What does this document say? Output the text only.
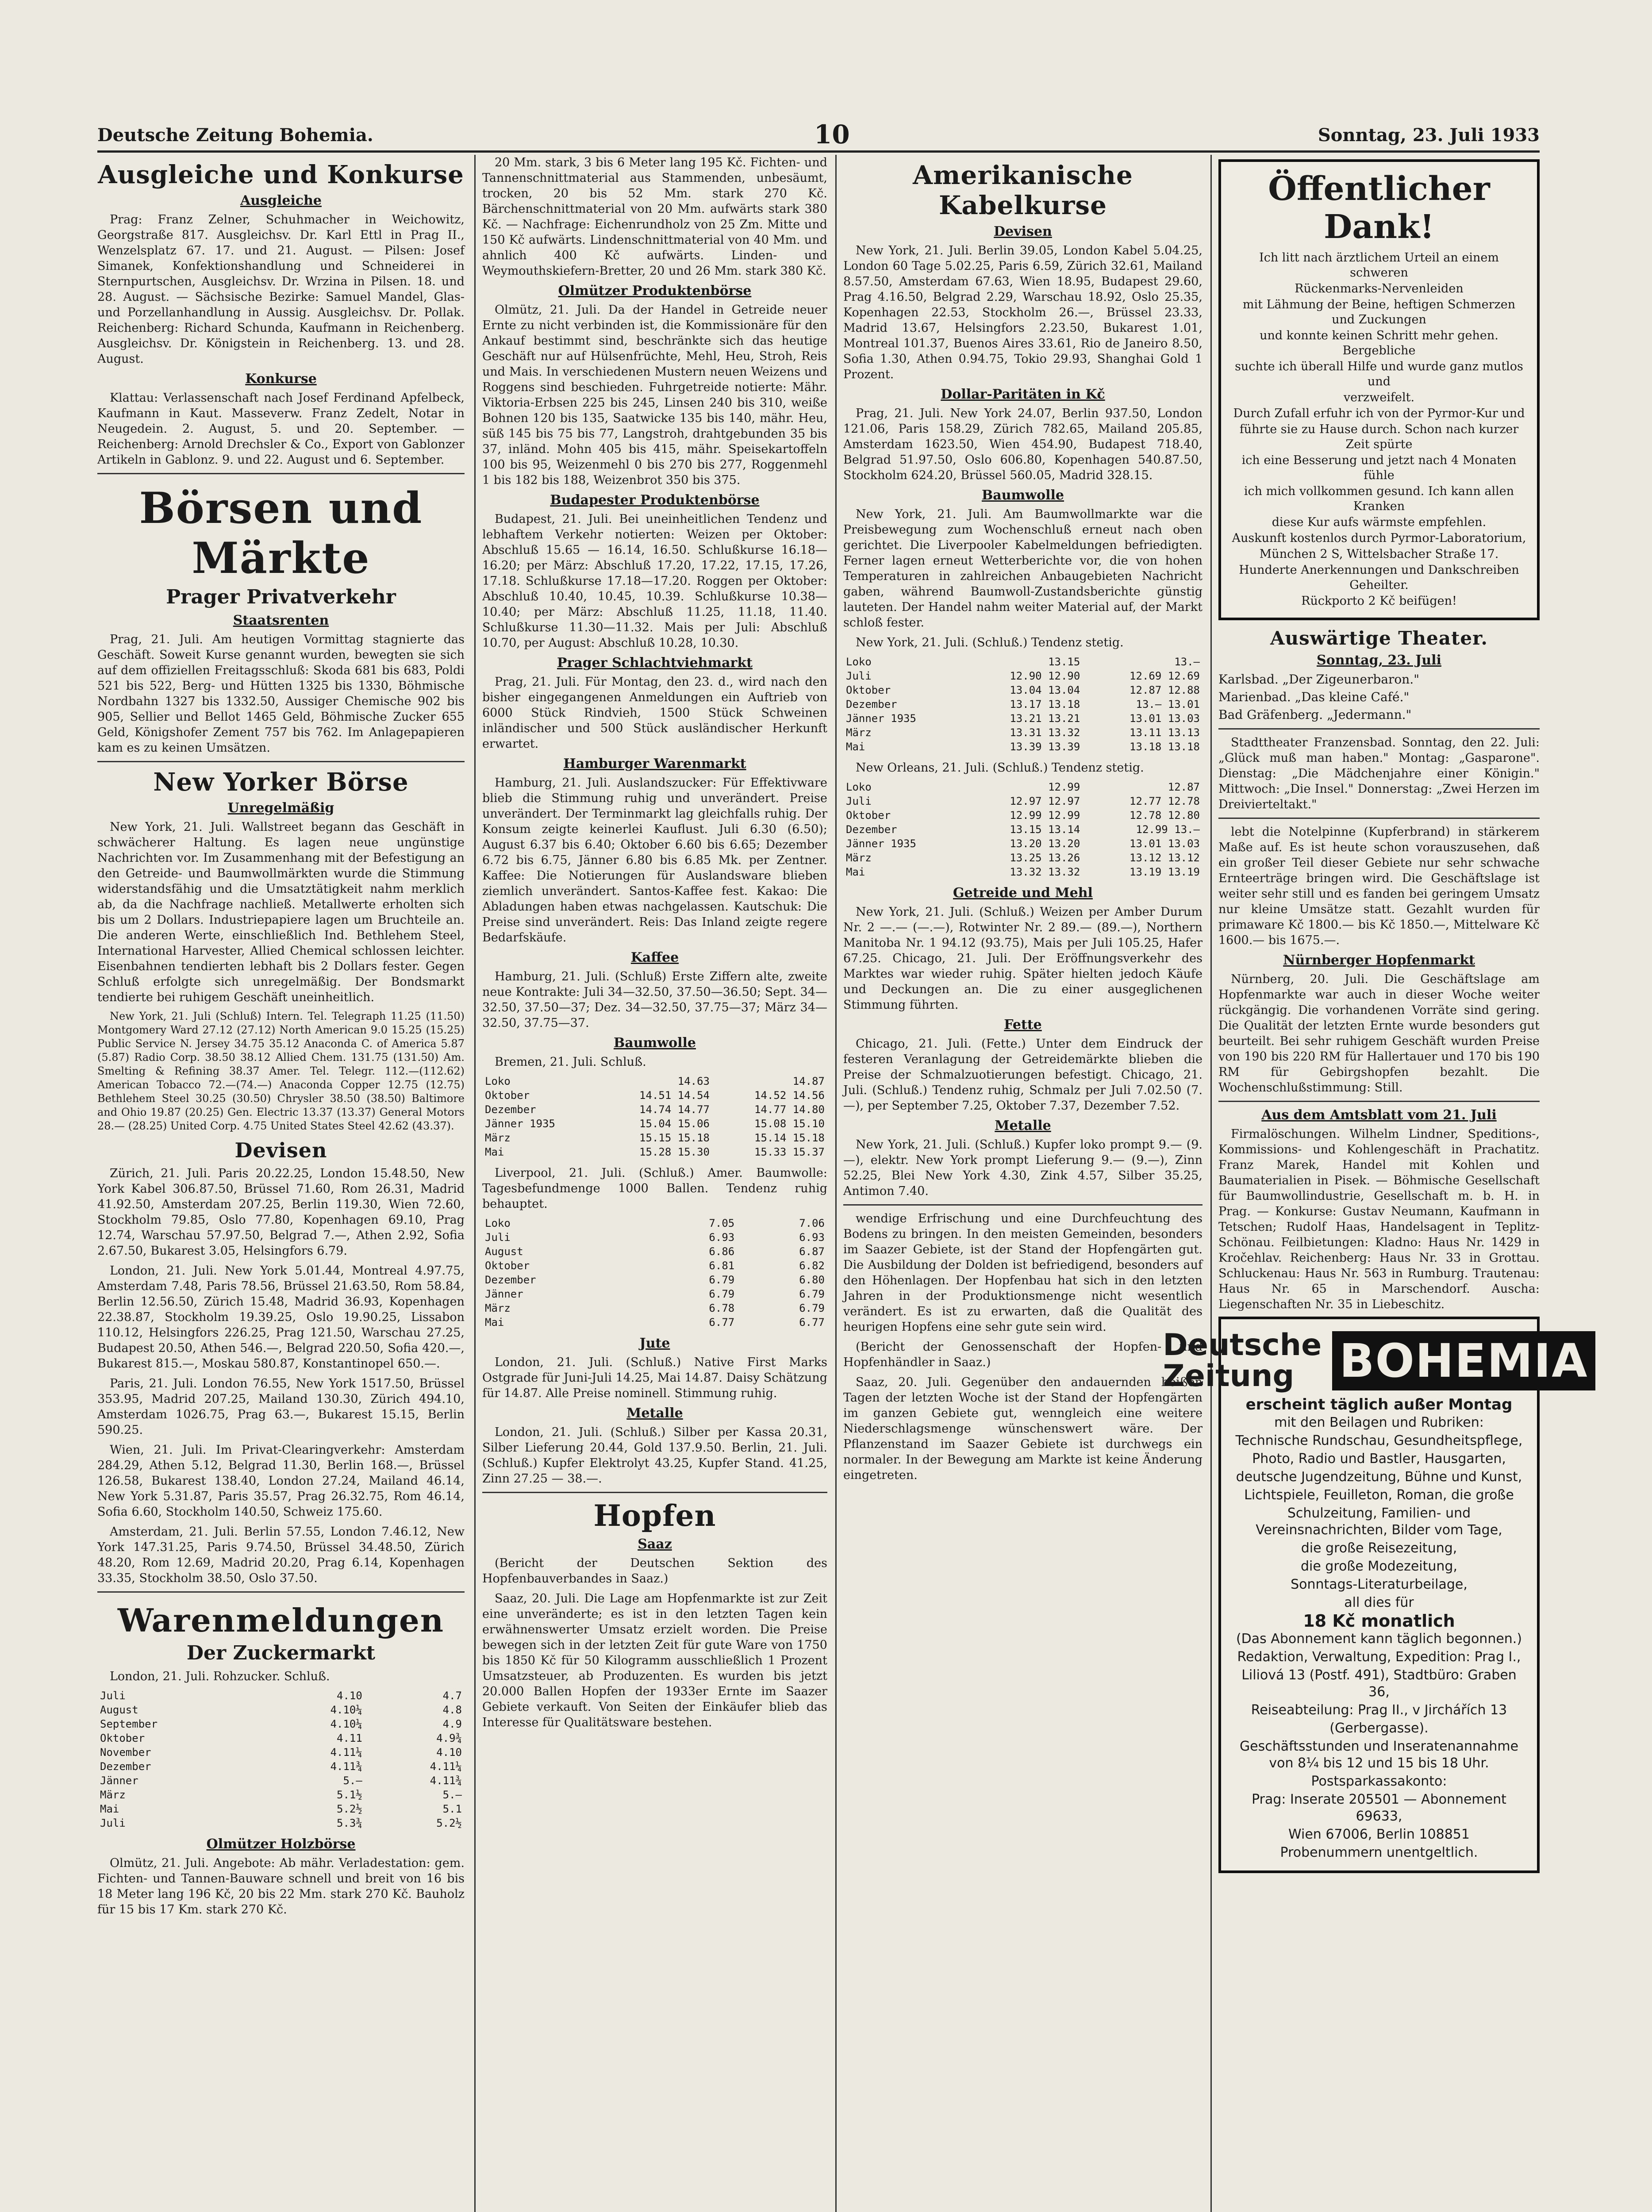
Deutsche Zeitung Bohemia.	10	Sonntag, 23. Juli 1933
Ausgleiche und Konkurse
Ausgleiche

Prag: Franz Zelner, Schuhmacher in Weichowitz, Georgstraße 817. Ausgleichsv. Dr. Karl Ettl in Prag II., Wenzelsplatz 67. 17. und 21. August. — Pilsen: Josef Simanek, Konfektionshandlung und Schneiderei in Sternpurtschen, Ausgleichsv. Dr. Wrzina in Pilsen. 18. und 28. August. — Sächsische Bezirke: Samuel Mandel, Glas- und Porzellanhandlung in Aussig. Ausgleichsv. Dr. Pollak. Reichenberg: Richard Schunda, Kaufmann in Reichenberg. Ausgleichsv. Dr. Königstein in Reichenberg. 13. und 28. August.

Konkurse

Klattau: Verlassenschaft nach Josef Ferdinand Apfelbeck, Kaufmann in Kaut. Masseverw. Franz Zedelt, Notar in Neugedein. 2. August, 5. und 20. September. — Reichenberg: Arnold Drechsler & Co., Export von Gablonzer Artikeln in Gablonz. 9. und 22. August und 6. September.

Börsen und Märkte
Prager Privatverkehr
Staatsrenten

Prag, 21. Juli. Am heutigen Vormittag stagnierte das Geschäft. Soweit Kurse genannt wurden, bewegten sie sich auf dem offiziellen Freitagsschluß: Skoda 681 bis 683, Poldi 521 bis 522, Berg- und Hütten 1325 bis 1330, Böhmische Nordbahn 1327 bis 1332.50, Aussiger Chemische 902 bis 905, Sellier und Bellot 1465 Geld, Böhmische Zucker 655 Geld, Königshofer Zement 757 bis 762. Im Anlagepapieren kam es zu keinen Umsätzen.

New Yorker Börse
Unregelmäßig

New York, 21. Juli. Wallstreet begann das Geschäft in schwächerer Haltung. Es lagen neue ungünstige Nachrichten vor. Im Zusammenhang mit der Befestigung an den Getreide- und Baumwollmärkten wurde die Stimmung widerstandsfähig und die Umsatztätigkeit nahm merklich ab, da die Nachfrage nachließ. Metallwerte erholten sich bis um 2 Dollars. Industriepapiere lagen um Bruchteile an. Die anderen Werte, einschließlich Ind. Bethlehem Steel, International Harvester, Allied Chemical schlossen leichter. Eisenbahnen tendierten lebhaft bis 2 Dollars fester. Gegen Schluß erfolgte sich unregelmäßig. Der Bondsmarkt tendierte bei ruhigem Geschäft uneinheitlich.

New York, 21. Juli (Schluß) Intern. Tel. Telegraph 11.25 (11.50) Montgomery Ward 27.12 (27.12) North American 9.0 15.25 (15.25) Public Service N. Jersey 34.75 35.12 Anaconda C. of America 5.87 (5.87) Radio Corp. 38.50 38.12 Allied Chem. 131.75 (131.50) Am. Smelting & Refining 38.37 Amer. Tel. Telegr. 112.—(112.62) American Tobacco 72.—(74.—) Anaconda Copper 12.75 (12.75) Bethlehem Steel 30.25 (30.50) Chrysler 38.50 (38.50) Baltimore and Ohio 19.87 (20.25) Gen. Electric 13.37 (13.37) General Motors 28.— (28.25) United Corp. 4.75 United States Steel 42.62 (43.37).

Devisen

Zürich, 21. Juli. Paris 20.22.25, London 15.48.50, New York Kabel 306.87.50, Brüssel 71.60, Rom 26.31, Madrid 41.92.50, Amsterdam 207.25, Berlin 119.30, Wien 72.60, Stockholm 79.85, Oslo 77.80, Kopenhagen 69.10, Prag 12.74, Warschau 57.97.50, Belgrad 7.—, Athen 2.92, Sofia 2.67.50, Bukarest 3.05, Helsingfors 6.79.

London, 21. Juli. New York 5.01.44, Montreal 4.97.75, Amsterdam 7.48, Paris 78.56, Brüssel 21.63.50, Rom 58.84, Berlin 12.56.50, Zürich 15.48, Madrid 36.93, Kopenhagen 22.38.87, Stockholm 19.39.25, Oslo 19.90.25, Lissabon 110.12, Helsingfors 226.25, Prag 121.50, Warschau 27.25, Budapest 20.50, Athen 546.—, Belgrad 220.50, Sofia 420.—, Bukarest 815.—, Moskau 580.87, Konstantinopel 650.—.

Paris, 21. Juli. London 76.55, New York 1517.50, Brüssel 353.95, Madrid 207.25, Mailand 130.30, Zürich 494.10, Amsterdam 1026.75, Prag 63.—, Bukarest 15.15, Berlin 590.25.

Wien, 21. Juli. Im Privat-Clearingverkehr: Amsterdam 284.29, Athen 5.12, Belgrad 11.30, Berlin 168.—, Brüssel 126.58, Bukarest 138.40, London 27.24, Mailand 46.14, New York 5.31.87, Paris 35.57, Prag 26.32.75, Rom 46.14, Sofia 6.60, Stockholm 140.50, Schweiz 175.60.

Amsterdam, 21. Juli. Berlin 57.55, London 7.46.12, New York 147.31.25, Paris 9.74.50, Brüssel 34.48.50, Zürich 48.20, Rom 12.69, Madrid 20.20, Prag 6.14, Kopenhagen 33.35, Stockholm 38.50, Oslo 37.50.

Warenmeldungen
Der Zuckermarkt

London, 21. Juli. Rohzucker. Schluß.

Juli	4.10	4.7
August	4.10¼	4.8
September	4.10¼	4.9
Oktober	4.11	4.9¾
November	4.11¼	4.10
Dezember	4.11¾	4.11¼
Jänner	5.—	4.11¾
März	5.1½	5.—
Mai	5.2½	5.1
Juli	5.3¾	5.2½
Olmützer Holzbörse

Olmütz, 21. Juli. Angebote: Ab mähr. Verladestation: gem. Fichten- und Tannen-Bauware schnell und breit von 16 bis 18 Meter lang 196 Kč, 20 bis 22 Mm. stark 270 Kč. Bauholz für 15 bis 17 Km. stark 270 Kč.

20 Mm. stark, 3 bis 6 Meter lang 195 Kč. Fichten- und Tannenschnittmaterial aus Stammenden, unbesäumt, trocken, 20 bis 52 Mm. stark 270 Kč. Bärchenschnittmaterial von 20 Mm. aufwärts stark 380 Kč. — Nachfrage: Eichenrundholz von 25 Zm. Mitte und 150 Kč aufwärts. Lindenschnittmaterial von 40 Mm. und ahnlich 400 Kč aufwärts. Linden- und Weymouthskiefern-Bretter, 20 und 26 Mm. stark 380 Kč.

Olmützer Produktenbörse

Olmütz, 21. Juli. Da der Handel in Getreide neuer Ernte zu nicht verbinden ist, die Kommissionäre für den Ankauf bestimmt sind, beschränkte sich das heutige Geschäft nur auf Hülsenfrüchte, Mehl, Heu, Stroh, Reis und Mais. In verschiedenen Mustern neuen Weizens und Roggens sind beschieden. Fuhrgetreide notierte: Mähr. Viktoria-Erbsen 225 bis 245, Linsen 240 bis 310, weiße Bohnen 120 bis 135, Saatwicke 135 bis 140, mähr. Heu, süß 145 bis 75 bis 77, Langstroh, drahtgebunden 35 bis 37, inländ. Mohn 405 bis 415, mähr. Speisekartoffeln 100 bis 95, Weizenmehl 0 bis 270 bis 277, Roggenmehl 1 bis 182 bis 188, Weizenbrot 350 bis 375.

Budapester Produktenbörse

Budapest, 21. Juli. Bei uneinheitlichen Tendenz und lebhaftem Verkehr notierten: Weizen per Oktober: Abschluß 15.65 — 16.14, 16.50. Schlußkurse 16.18—16.20; per März: Abschluß 17.20, 17.22, 17.15, 17.26, 17.18. Schlußkurse 17.18—17.20. Roggen per Oktober: Abschluß 10.40, 10.45, 10.39. Schlußkurse 10.38—10.40; per März: Abschluß 11.25, 11.18, 11.40. Schlußkurse 11.30—11.32. Mais per Juli: Abschluß 10.70, per August: Abschluß 10.28, 10.30.

Prager Schlachtviehmarkt

Prag, 21. Juli. Für Montag, den 23. d., wird nach den bisher eingegangenen Anmeldungen ein Auftrieb von 6000 Stück Rindvieh, 1500 Stück Schweinen inländischer und 500 Stück ausländischer Herkunft erwartet.

Hamburger Warenmarkt

Hamburg, 21. Juli. Auslandszucker: Für Effektivware blieb die Stimmung ruhig und unverändert. Preise unverändert. Der Terminmarkt lag gleichfalls ruhig. Der Konsum zeigte keinerlei Kauflust. Juli 6.30 (6.50); August 6.37 bis 6.40; Oktober 6.60 bis 6.65; Dezember 6.72 bis 6.75, Jänner 6.80 bis 6.85 Mk. per Zentner. Kaffee: Die Notierungen für Auslandsware blieben ziemlich unverändert. Santos-Kaffee fest. Kakao: Die Abladungen haben etwas nachgelassen. Kautschuk: Die Preise sind unverändert. Reis: Das Inland zeigte regere Bedarfskäufe.

Kaffee

Hamburg, 21. Juli. (Schluß) Erste Ziffern alte, zweite neue Kontrakte: Juli 34—32.50, 37.50—36.50; Sept. 34—32.50, 37.50—37; Dez. 34—32.50, 37.75—37; März 34—32.50, 37.75—37.

Baumwolle

Bremen, 21. Juli. Schluß.

Loko	14.63	14.87
Oktober	14.51 14.54	14.52 14.56
Dezember	14.74 14.77	14.77 14.80
Jänner 1935	15.04 15.06	15.08 15.10
März	15.15 15.18	15.14 15.18
Mai	15.28 15.30	15.33 15.37

Liverpool, 21. Juli. (Schluß.) Amer. Baumwolle: Tagesbefundmenge 1000 Ballen. Tendenz ruhig behauptet.

Loko	7.05	7.06
Juli	6.93	6.93
August	6.86	6.87
Oktober	6.81	6.82
Dezember	6.79	6.80
Jänner	6.79	6.79
März	6.78	6.79
Mai	6.77	6.77
Jute

London, 21. Juli. (Schluß.) Native First Marks Ostgrade für Juni-Juli 14.25, Mai 14.87. Daisy Schätzung für 14.87. Alle Preise nominell. Stimmung ruhig.

Metalle

London, 21. Juli. (Schluß.) Silber per Kassa 20.31, Silber Lieferung 20.44, Gold 137.9.50. Berlin, 21. Juli. (Schluß.) Kupfer Elektrolyt 43.25, Kupfer Stand. 41.25, Zinn 27.25 — 38.—.

Hopfen
Saaz

(Bericht der Deutschen Sektion des Hopfenbauverbandes in Saaz.)

Saaz, 20. Juli. Die Lage am Hopfenmarkte ist zur Zeit eine unveränderte; es ist in den letzten Tagen kein erwähnenswerter Umsatz erzielt worden. Die Preise bewegen sich in der letzten Zeit für gute Ware von 1750 bis 1850 Kč für 50 Kilogramm ausschließlich 1 Prozent Umsatzsteuer, ab Produzenten. Es wurden bis jetzt 20.000 Ballen Hopfen der 1933er Ernte im Saazer Gebiete verkauft. Von Seiten der Einkäufer blieb das Interesse für Qualitätsware bestehen.

Amerikanische Kabelkurse
Devisen

New York, 21. Juli. Berlin 39.05, London Kabel 5.04.25, London 60 Tage 5.02.25, Paris 6.59, Zürich 32.61, Mailand 8.57.50, Amsterdam 67.63, Wien 18.95, Budapest 29.60, Prag 4.16.50, Belgrad 2.29, Warschau 18.92, Oslo 25.35, Kopenhagen 22.53, Stockholm 26.—, Brüssel 23.33, Madrid 13.67, Helsingfors 2.23.50, Bukarest 1.01, Montreal 101.37, Buenos Aires 33.61, Rio de Janeiro 8.50, Sofia 1.30, Athen 0.94.75, Tokio 29.93, Shanghai Gold 1 Prozent.

Dollar-Paritäten in Kč

Prag, 21. Juli. New York 24.07, Berlin 937.50, London 121.06, Paris 158.29, Zürich 782.65, Mailand 205.85, Amsterdam 1623.50, Wien 454.90, Budapest 718.40, Belgrad 51.97.50, Oslo 606.80, Kopenhagen 540.87.50, Stockholm 624.20, Brüssel 560.05, Madrid 328.15.

Baumwolle

New York, 21. Juli. Am Baumwollmarkte war die Preisbewegung zum Wochenschluß erneut nach oben gerichtet. Die Liverpooler Kabelmeldungen befriedigten. Ferner lagen erneut Wetterberichte vor, die von hohen Temperaturen in zahlreichen Anbaugebieten Nachricht gaben, während Baumwoll-Zustandsberichte günstig lauteten. Der Handel nahm weiter Material auf, der Markt schloß fester.

New York, 21. Juli. (Schluß.) Tendenz stetig.

Loko	13.15	13.—
Juli	12.90 12.90	12.69 12.69
Oktober	13.04 13.04	12.87 12.88
Dezember	13.17 13.18	13.— 13.01
Jänner 1935	13.21 13.21	13.01 13.03
März	13.31 13.32	13.11 13.13
Mai	13.39 13.39	13.18 13.18

New Orleans, 21. Juli. (Schluß.) Tendenz stetig.

Loko	12.99	12.87
Juli	12.97 12.97	12.77 12.78
Oktober	12.99 12.99	12.78 12.80
Dezember	13.15 13.14	12.99 13.—
Jänner 1935	13.20 13.20	13.01 13.03
März	13.25 13.26	13.12 13.12
Mai	13.32 13.32	13.19 13.19
Getreide und Mehl

New York, 21. Juli. (Schluß.) Weizen per Amber Durum Nr. 2 —.— (—.—), Rotwinter Nr. 2 89.— (89.—), Northern Manitoba Nr. 1 94.12 (93.75), Mais per Juli 105.25, Hafer 67.25. Chicago, 21. Juli. Der Eröffnungsverkehr des Marktes war wieder ruhig. Später hielten jedoch Käufe und Deckungen an. Die zu einer ausgeglichenen Stimmung führten.

Fette

Chicago, 21. Juli. (Fette.) Unter dem Eindruck der festeren Veranlagung der Getreidemärkte blieben die Preise der Schmalzuotierungen befestigt. Chicago, 21. Juli. (Schluß.) Tendenz ruhig, Schmalz per Juli 7.02.50 (7.—), per September 7.25, Oktober 7.37, Dezember 7.52.

Metalle

New York, 21. Juli. (Schluß.) Kupfer loko prompt 9.— (9.—), elektr. New York prompt Lieferung 9.— (9.—), Zinn 52.25, Blei New York 4.30, Zink 4.57, Silber 35.25, Antimon 7.40.

wendige Erfrischung und eine Durchfeuchtung des Bodens zu bringen. In den meisten Gemeinden, besonders im Saazer Gebiete, ist der Stand der Hopfengärten gut. Die Ausbildung der Dolden ist befriedigend, besonders auf den Höhenlagen. Der Hopfenbau hat sich in den letzten Jahren in der Produktionsmenge nicht wesentlich verändert. Es ist zu erwarten, daß die Qualität des heurigen Hopfens eine sehr gute sein wird.

(Bericht der Genossenschaft der Hopfen- und Hopfenhändler in Saaz.)

Saaz, 20. Juli. Gegenüber den andauernden heißen Tagen der letzten Woche ist der Stand der Hopfengärten im ganzen Gebiete gut, wenngleich eine weitere Niederschlagsmenge wünschenswert wäre. Der Pflanzenstand im Saazer Gebiete ist durchwegs ein normaler. In der Bewegung am Markte ist keine Änderung eingetreten.

Öffentlicher Dank!
Ich litt nach ärztlichem Urteil an einem schweren
Rückenmarks-Nervenleiden
mit Lähmung der Beine, heftigen Schmerzen und Zuckungen
und konnte keinen Schritt mehr gehen. Bergebliche
suchte ich überall Hilfe und wurde ganz mutlos und
verzweifelt.
Durch Zufall erfuhr ich von der Pyrmor-Kur und
führte sie zu Hause durch. Schon nach kurzer Zeit spürte
ich eine Besserung und jetzt nach 4 Monaten fühle
ich mich vollkommen gesund. Ich kann allen Kranken
diese Kur aufs wärmste empfehlen.
Auskunft kostenlos durch Pyrmor-Laboratorium,
München 2 S, Wittelsbacher Straße 17.
Hunderte Anerkennungen und Dankschreiben Geheilter.
Rückporto 2 Kč beifügen!
Auswärtige Theater.
Sonntag, 23. Juli
Karlsbad. „Der Zigeunerbaron."
Marienbad. „Das kleine Café."
Bad Gräfenberg. „Jedermann."

Stadttheater Franzensbad. Sonntag, den 22. Juli: „Glück muß man haben." Montag: „Gasparone". Dienstag: „Die Mädchenjahre einer Königin." Mittwoch: „Die Insel." Donnerstag: „Zwei Herzen im Dreivierteltakt."

lebt die Notelpinne (Kupferbrand) in stärkerem Maße auf. Es ist heute schon vorauszusehen, daß ein großer Teil dieser Gebiete nur sehr schwache Ernteerträge bringen wird. Die Geschäftslage ist weiter sehr still und es fanden bei geringem Umsatz nur kleine Umsätze statt. Gezahlt wurden für primaware Kč 1800.— bis Kč 1850.—, Mittelware Kč 1600.— bis 1675.—.

Nürnberger Hopfenmarkt

Nürnberg, 20. Juli. Die Geschäftslage am Hopfenmarkte war auch in dieser Woche weiter rückgängig. Die vorhandenen Vorräte sind gering. Die Qualität der letzten Ernte wurde besonders gut beurteilt. Bei sehr ruhigem Geschäft wurden Preise von 190 bis 220 RM für Hallertauer und 170 bis 190 RM für Gebirgshopfen bezahlt. Die Wochenschlußstimmung: Still.

Aus dem Amtsblatt vom 21. Juli

Firmalöschungen. Wilhelm Lindner, Speditions-, Kommissions- und Kohlengeschäft in Prachatitz. Franz Marek, Handel mit Kohlen und Baumaterialien in Pisek. — Böhmische Gesellschaft für Baumwollindustrie, Gesellschaft m. b. H. in Prag. — Konkurse: Gustav Neumann, Kaufmann in Tetschen; Rudolf Haas, Handelsagent in Teplitz-Schönau. Feilbietungen: Kladno: Haus Nr. 1429 in Kročehlav. Reichenberg: Haus Nr. 33 in Grottau. Schluckenau: Haus Nr. 563 in Rumburg. Trautenau: Haus Nr. 65 in Marschendorf. Auscha: Liegenschaften Nr. 35 in Liebeschitz.

Deutsche
Zeitung BOHEMIA
erscheint täglich außer Montag
mit den Beilagen und Rubriken:
Technische Rundschau, Gesundheitspflege,
Photo, Radio und Bastler, Hausgarten,
deutsche Jugendzeitung, Bühne und Kunst,
Lichtspiele, Feuilleton, Roman, die große
Schulzeitung, Familien- und Vereinsnachrichten, Bilder vom Tage,
die große Reisezeitung,
die große Modezeitung,
Sonntags-Literaturbeilage,
all dies für
18 Kč monatlich
(Das Abonnement kann täglich begonnen.)
Redaktion, Verwaltung, Expedition: Prag I.,
Liliová 13 (Postf. 491), Stadtbüro: Graben 36,
Reiseabteilung: Prag II., v Jirchářích 13
(Gerbergasse).
Geschäftsstunden und Inseratenannahme von 8¼ bis 12 und 15 bis 18 Uhr.
Postsparkassakonto:
Prag: Inserate 205501 — Abonnement 69633,
Wien 67006, Berlin 108851
Probenummern unentgeltlich.
